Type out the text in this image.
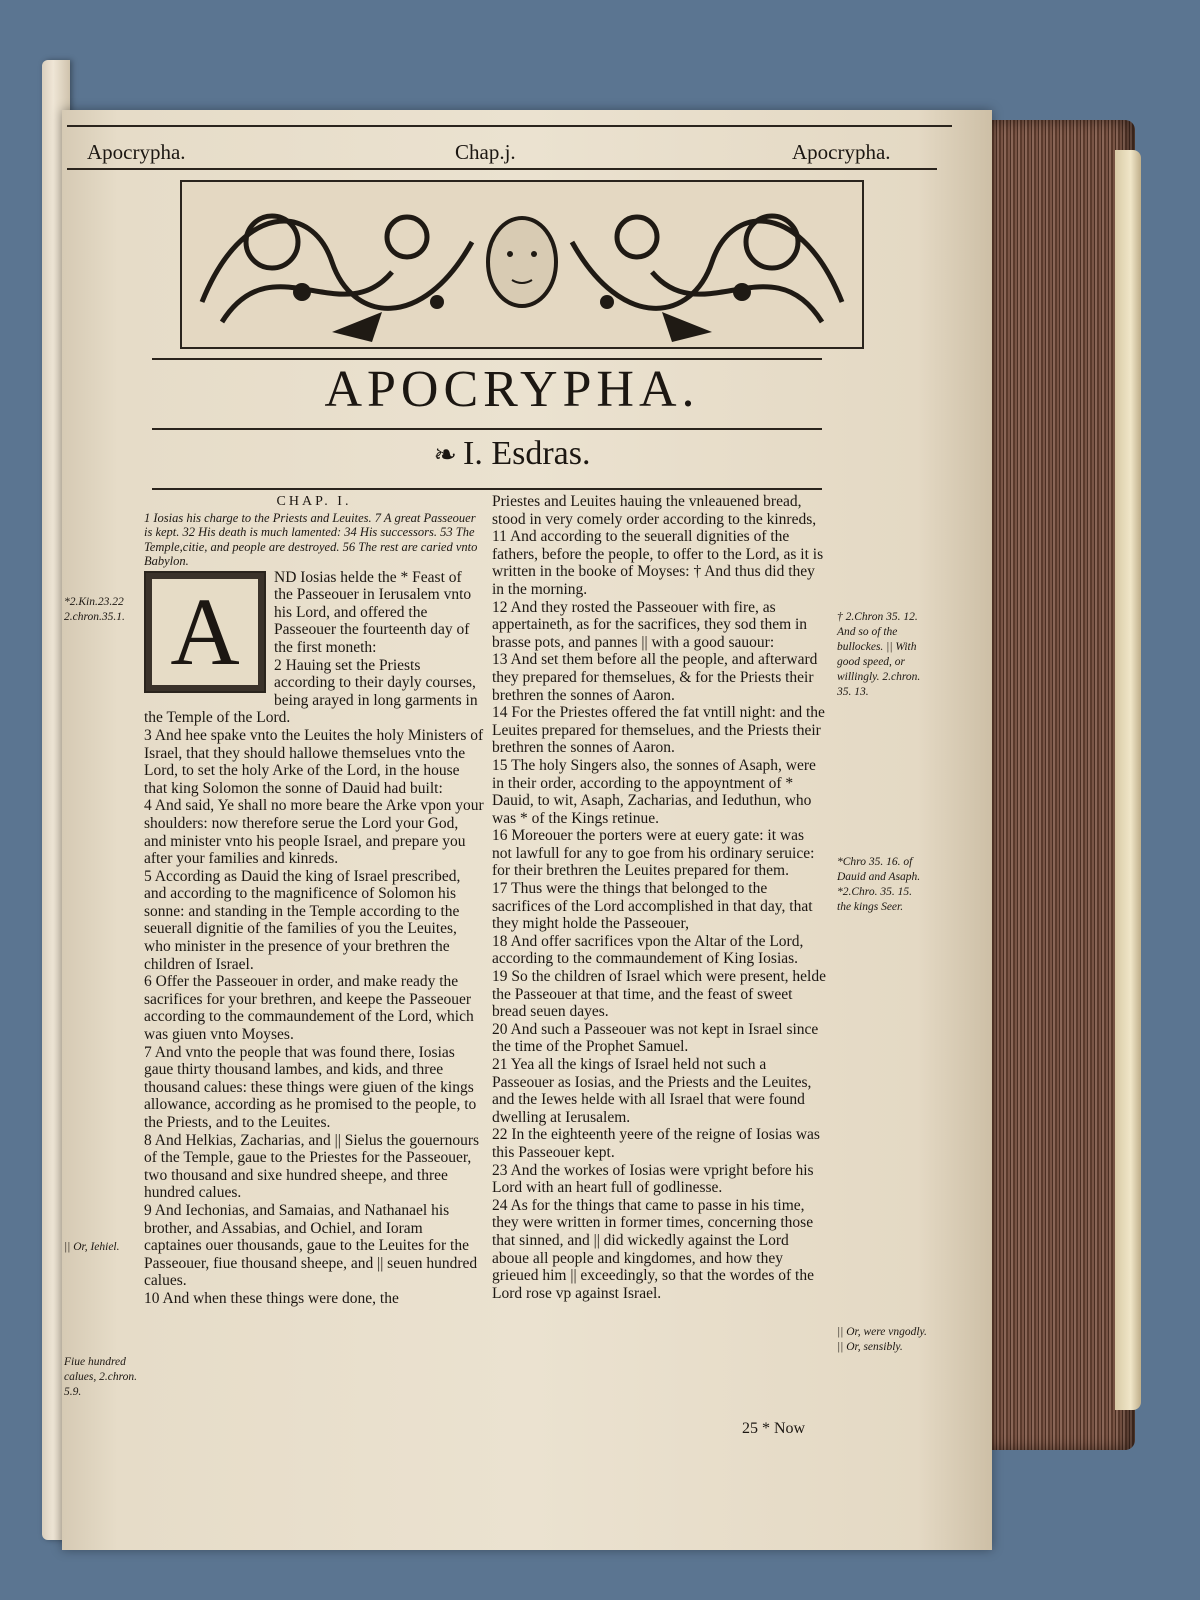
Apocrypha.	Chap.j.	Apocrypha.
APOCRYPHA.
❧ I. Esdras.

CHAP. I.

1 Iosias his charge to the Priests and Leuites. 7 A great Passeouer is kept. 32 His death is much lamented: 34 His successors. 53 The Temple,citie, and people are destroyed. 56 The rest are caried vnto Babylon.

A

ND Iosias helde the * Feast of the Passeouer in Ierusalem vnto his Lord, and offered the Passeouer the fourteenth day of the first moneth:

2 Hauing set the Priests according to their dayly courses, being arayed in long garments in the Temple of the Lord.

3 And hee spake vnto the Leuites the holy Ministers of Israel, that they should hallowe themselues vnto the Lord, to set the holy Arke of the Lord, in the house that king Solomon the sonne of Dauid had built:

4 And said, Ye shall no more beare the Arke vpon your shoulders: now therefore serue the Lord your God, and minister vnto his people Israel, and prepare you after your families and kinreds.

5 According as Dauid the king of Israel prescribed, and according to the magnificence of Solomon his sonne: and standing in the Temple according to the seuerall dignitie of the families of you the Leuites, who minister in the presence of your brethren the children of Israel.

6 Offer the Passeouer in order, and make ready the sacrifices for your brethren, and keepe the Passeouer according to the commaundement of the Lord, which was giuen vnto Moyses.

7 And vnto the people that was found there, Iosias gaue thirty thousand lambes, and kids, and three thousand calues: these things were giuen of the kings allowance, according as he promised to the people, to the Priests, and to the Leuites.

8 And Helkias, Zacharias, and || Sielus the gouernours of the Temple, gaue to the Priestes for the Passeouer, two thousand and sixe hundred sheepe, and three hundred calues.

9 And Iechonias, and Samaias, and Nathanael his brother, and Assabias, and Ochiel, and Ioram captaines ouer thousands, gaue to the Leuites for the Passeouer, fiue thousand sheepe, and || seuen hundred calues.

10 And when these things were done, the

Priestes and Leuites hauing the vnleauened bread, stood in very comely order according to the kinreds,

11 And according to the seuerall dignities of the fathers, before the people, to offer to the Lord, as it is written in the booke of Moyses: † And thus did they in the morning.

12 And they rosted the Passeouer with fire, as appertaineth, as for the sacrifices, they sod them in brasse pots, and pannes || with a good sauour:

13 And set them before all the people, and afterward they prepared for themselues, & for the Priests their brethren the sonnes of Aaron.

14 For the Priestes offered the fat vntill night: and the Leuites prepared for themselues, and the Priests their brethren the sonnes of Aaron.

15 The holy Singers also, the sonnes of Asaph, were in their order, according to the appoyntment of * Dauid, to wit, Asaph, Zacharias, and Ieduthun, who was * of the Kings retinue.

16 Moreouer the porters were at euery gate: it was not lawfull for any to goe from his ordinary seruice: for their brethren the Leuites prepared for them.

17 Thus were the things that belonged to the sacrifices of the Lord accomplished in that day, that they might holde the Passeouer,

18 And offer sacrifices vpon the Altar of the Lord, according to the commaundement of King Iosias.

19 So the children of Israel which were present, helde the Passeouer at that time, and the feast of sweet bread seuen dayes.

20 And such a Passeouer was not kept in Israel since the time of the Prophet Samuel.

21 Yea all the kings of Israel held not such a Passeouer as Iosias, and the Priests and the Leuites, and the Iewes helde with all Israel that were found dwelling at Ierusalem.

22 In the eighteenth yeere of the reigne of Iosias was this Passeouer kept.

23 And the workes of Iosias were vpright before his Lord with an heart full of godlinesse.

24 As for the things that came to passe in his time, they were written in former times, concerning those that sinned, and || did wickedly against the Lord aboue all people and kingdomes, and how they grieued him || exceedingly, so that the wordes of the Lord rose vp against Israel.

25 * Now
*2.Kin.23.22 2.chron.35.1.
|| Or, Iehiel.
Fiue hundred calues, 2.chron. 5.9.
† 2.Chron 35. 12. And so of the bullockes. || With good speed, or willingly. 2.chron. 35. 13.
*Chro 35. 16. of Dauid and Asaph. *2.Chro. 35. 15. the kings Seer.
|| Or, were vngodly. || Or, sensibly.
